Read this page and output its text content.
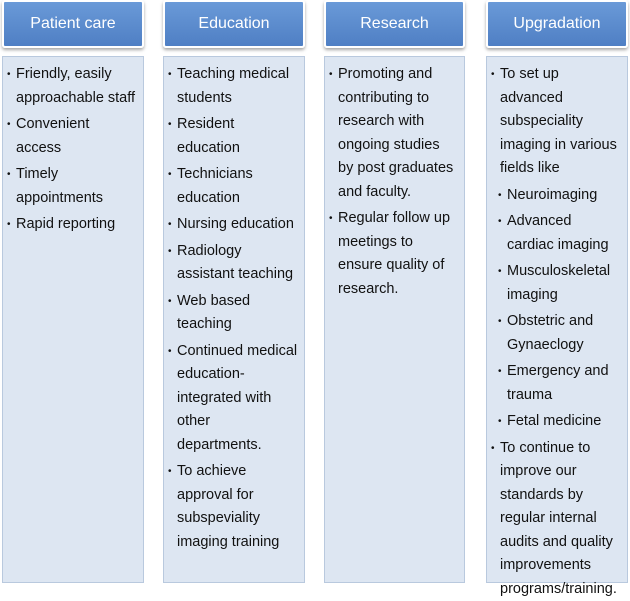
Patient care
• Friendly, easily approachable staff
• Convenient access
• Timely appointments
• Rapid reporting
Education
• Teaching medical students
• Resident education
• Technicians education
• Nursing education
• Radiology assistant teaching
• Web based teaching
• Continued medical education-integrated with other departments.
• To achieve approval for subspeviality imaging training
Research
• Promoting and contributing to research with ongoing studies by post graduates and faculty.
• Regular follow up meetings to ensure quality of research.
Upgradation
• To set up advanced subspeciality imaging in various fields like
• Neuroimaging
• Advanced cardiac imaging
• Musculoskeletal imaging
• Obstetric and Gynaeclogy
• Emergency and trauma
• Fetal medicine
• To continue to improve our standards by regular internal audits and quality improvements programs/training.
